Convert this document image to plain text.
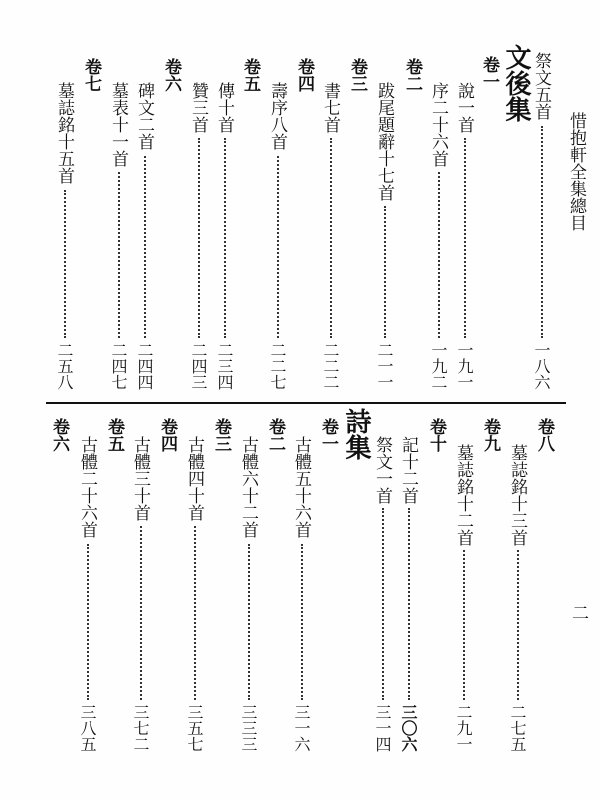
惜抱軒全集總目
二
文後集 祭文五首
一八六
卷一
說一首
一九一
序二十六首
一九二
卷二
跋尾題辭十七首
二一一
卷三
書七首
二二二
卷四
壽序八首
二二七
卷五
傳十首
二三四
贊三首
二四三
卷六
碑文二首
二四四
墓表十一首
二四七
卷七
墓誌銘十五首
二五八
詩集	卷八
墓誌銘十三首
二七五
卷九
墓誌銘十二首
二九一
卷十
記十二首
三〇六
祭文一首
三一四
卷一
古體五十六首
三一六
卷二
古體六十二首
三三三
卷三
古體四十首
三五七
卷四
古體三十首
三七二
卷五
古體二十六首
三八五
卷六
